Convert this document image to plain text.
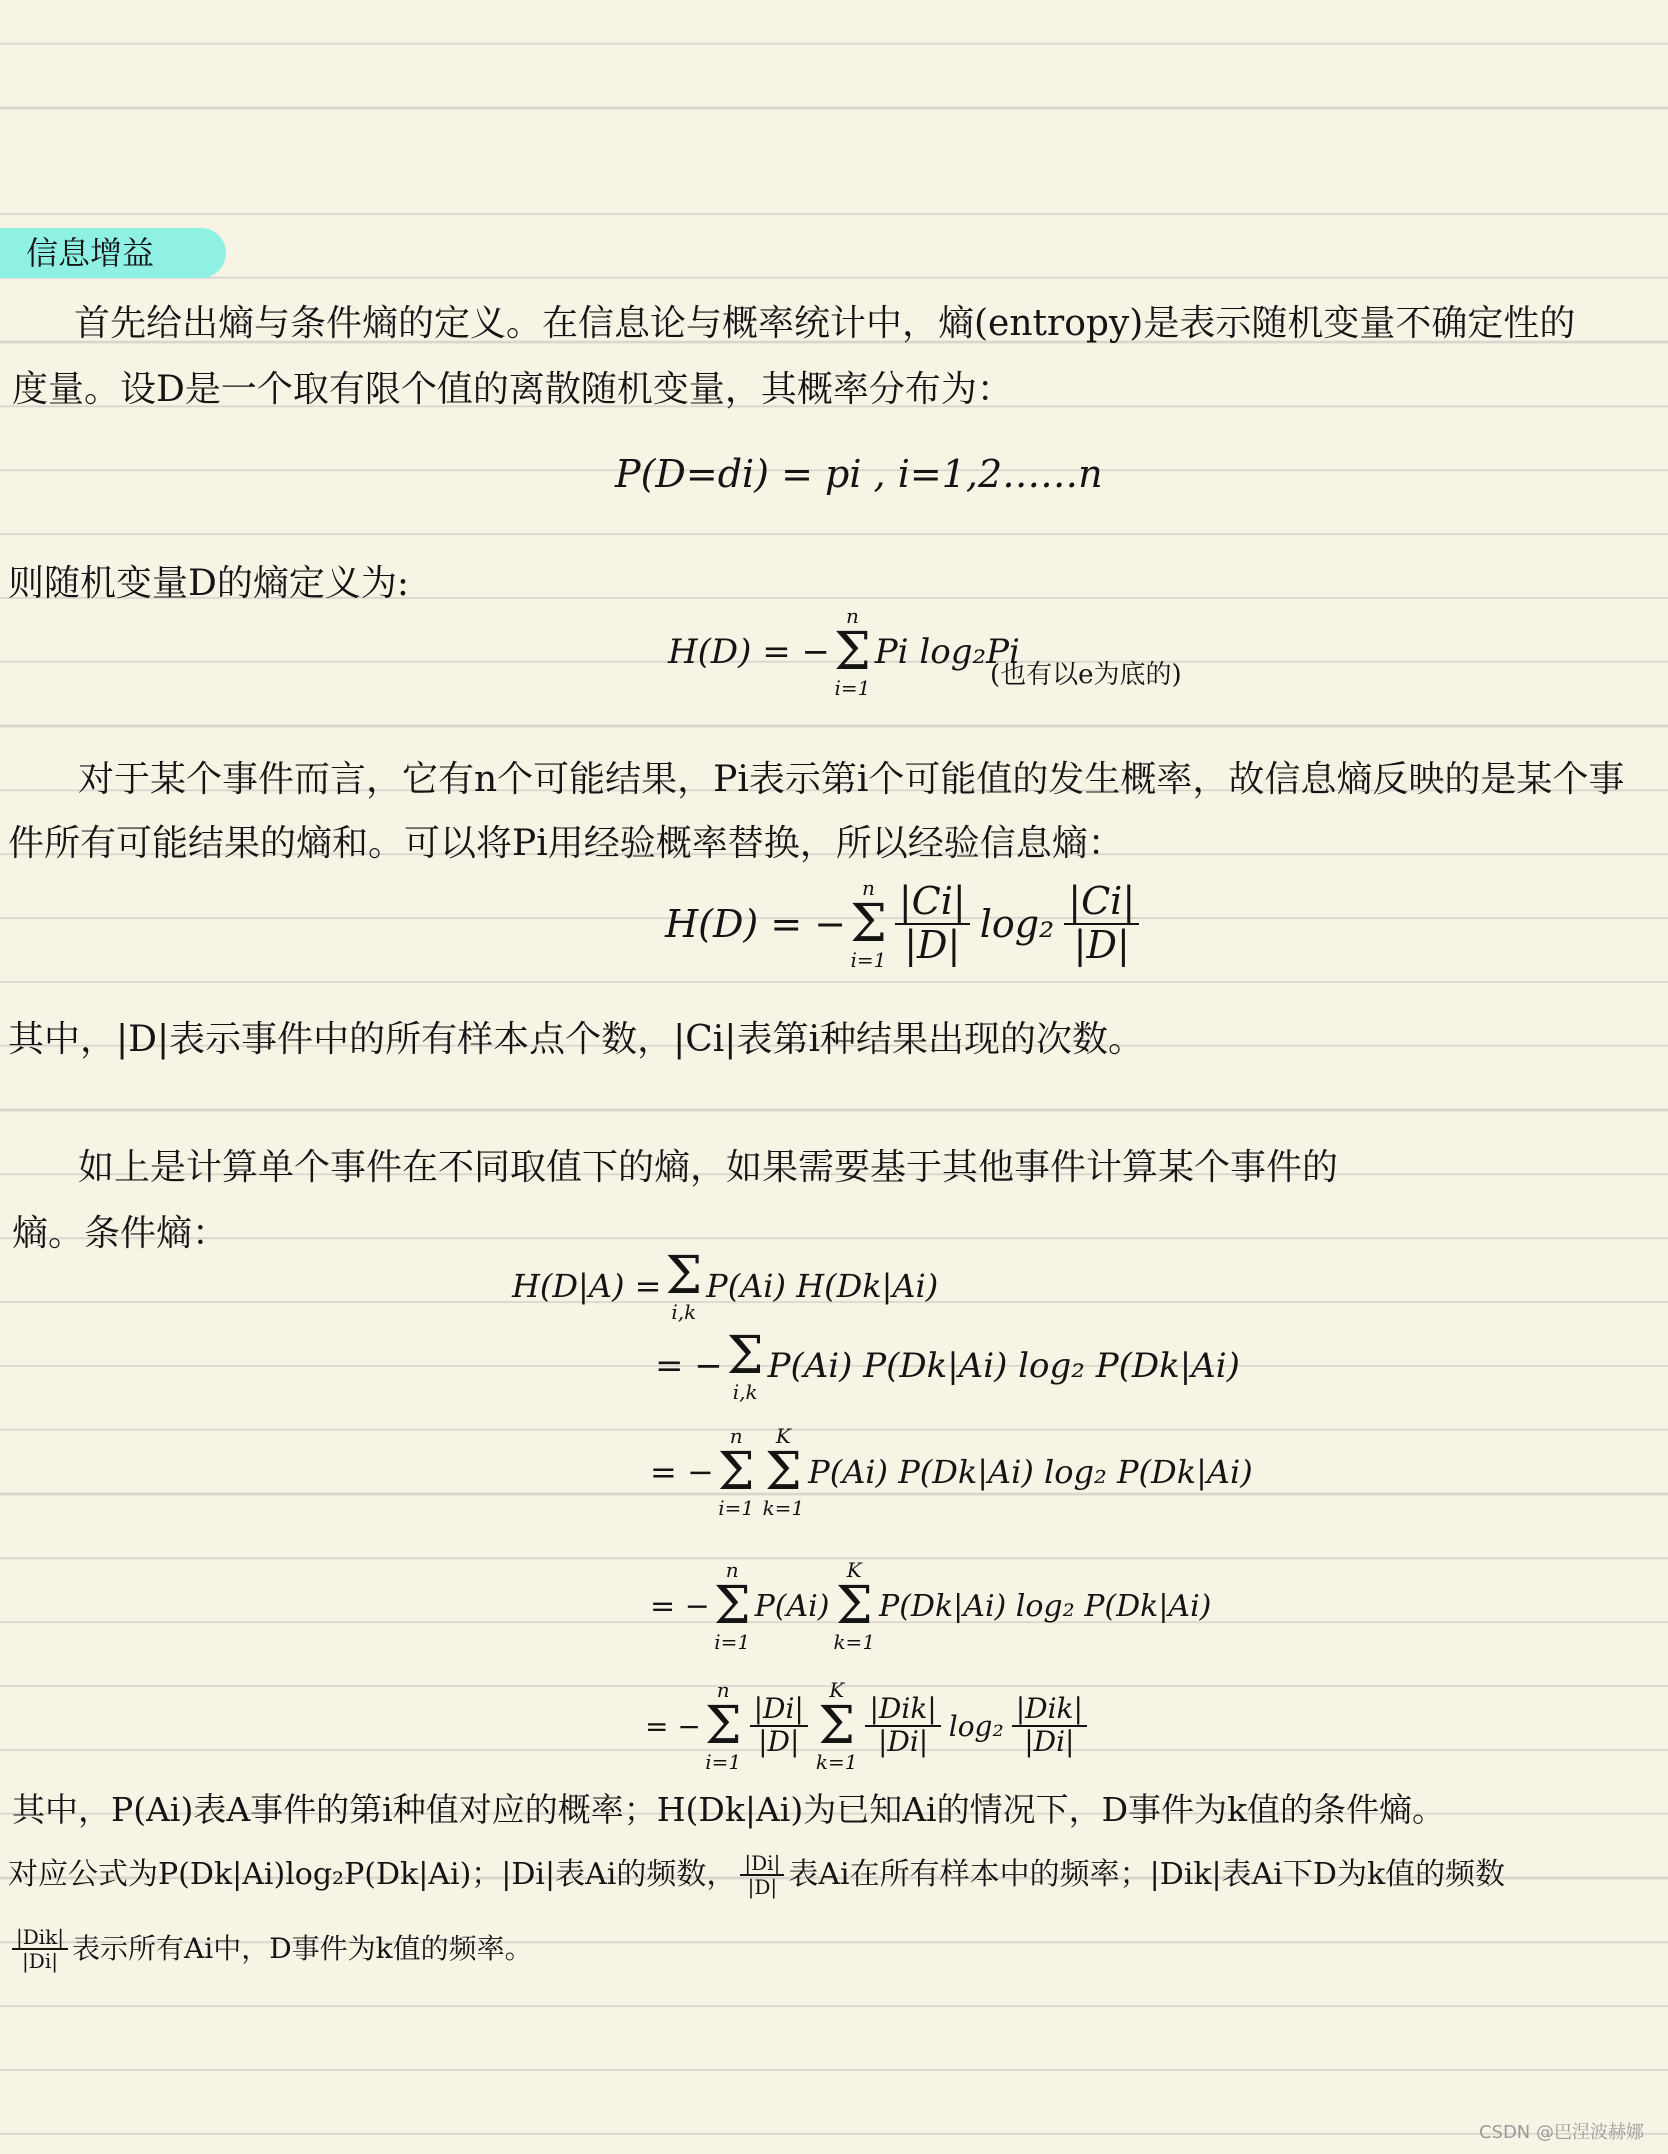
信息增益
首先给出熵与条件熵的定义。在信息论与概率统计中，熵(entropy)是表示随机变量不确定性的
度量。设D是一个取有限个值的离散随机变量，其概率分布为：
P(D=di) = pi , i=1,2……n
则随机变量D的熵定义为:
H(D) = −
n
Σ
i=1
Pi log₂Pi
(也有以e为底的)
对于某个事件而言，它有n个可能结果，Pi表示第i个可能值的发生概率，故信息熵反映的是某个事
件所有可能结果的熵和。可以将Pi用经验概率替换，所以经验信息熵：
H(D) = −
n
Σ
$i=1 \frac{|Ci|}{|D|} \log_2 \frac{|Ci|}{|D|}$
其中，|D|表示事件中的所有样本点个数，|Ci|表第i种结果出现的次数。
如上是计算单个事件在不同取值下的熵，如果需要基于其他事件计算某个事件的
熵。条件熵：
H(D|A) = Σ
i,k
P(Ai) H(Dk|Ai)
= − Σ
i,k
P(Ai) P(Dk|Ai) log₂ P(Dk|Ai)
= −
n
Σ
i=1
K
Σ
k=1
P(Ai) P(Dk|Ai) log₂ P(Dk|Ai)
= −
n
Σ
i=1
P(Ai)
K
Σ
k=1
P(Dk|Ai) log₂ P(Dk|Ai)
= −
n
Σ
i=1
$\frac{|Di|}{|D|}$
K
Σ
k=1
$\frac{\text{|Dik|}}{|Di|} \log_2 \frac{\text{|Dik|}}{|Di|}$
其中，P(Ai)表A事件的第i种值对应的概率；H(Dk|Ai)为已知Ai的情况下，D事件为k值的条件熵。
对应公式为P(Dk|Ai)log₂P(Dk|Ai)；|Di|表Ai的频数， $\frac{|Di|}{|D|}$ 表Ai在所有样本中的频率；|Dik|表Ai下D为k值的频数
$\frac{\text{|Dik|}}{|Di|}$ 表示所有Ai中，D事件为k值的频率。
CSDN @巴涅波赫娜
